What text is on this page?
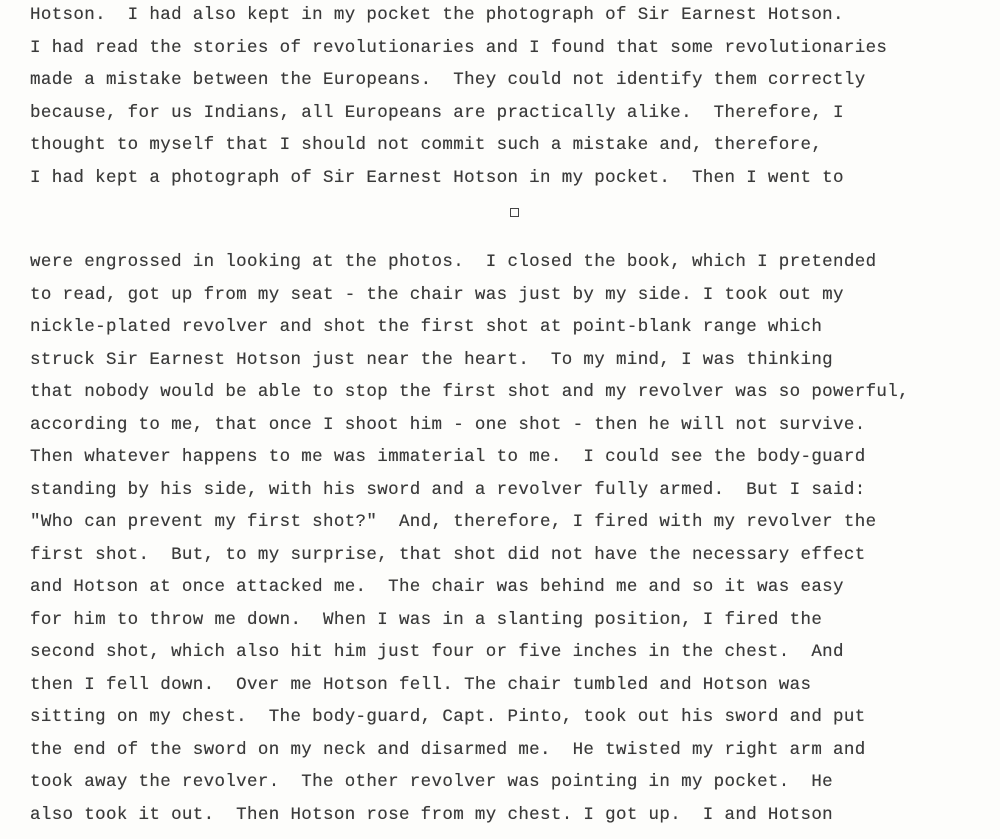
Hotson.  I had also kept in my pocket the photograph of Sir Earnest Hotson.
I had read the stories of revolutionaries and I found that some revolutionaries
made a mistake between the Europeans.  They could not identify them correctly
because, for us Indians, all Europeans are practically alike.  Therefore, I
thought to myself that I should not commit such a mistake and, therefore,
I had kept a photograph of Sir Earnest Hotson in my pocket.  Then I went to
were engrossed in looking at the photos.  I closed the book, which I pretended
to read, got up from my seat - the chair was just by my side. I took out my
nickle-plated revolver and shot the first shot at point-blank range which
struck Sir Earnest Hotson just near the heart.  To my mind, I was thinking
that nobody would be able to stop the first shot and my revolver was so powerful,
according to me, that once I shoot him - one shot - then he will not survive.
Then whatever happens to me was immaterial to me.  I could see the body-guard
standing by his side, with his sword and a revolver fully armed.  But I said:
"Who can prevent my first shot?"  And, therefore, I fired with my revolver the
first shot.  But, to my surprise, that shot did not have the necessary effect
and Hotson at once attacked me.  The chair was behind me and so it was easy
for him to throw me down.  When I was in a slanting position, I fired the
second shot, which also hit him just four or five inches in the chest.  And
then I fell down.  Over me Hotson fell. The chair tumbled and Hotson was
sitting on my chest.  The body-guard, Capt. Pinto, took out his sword and put
the end of the sword on my neck and disarmed me.  He twisted my right arm and
took away the revolver.  The other revolver was pointing in my pocket.  He
also took it out.  Then Hotson rose from my chest. I got up.  I and Hotson
